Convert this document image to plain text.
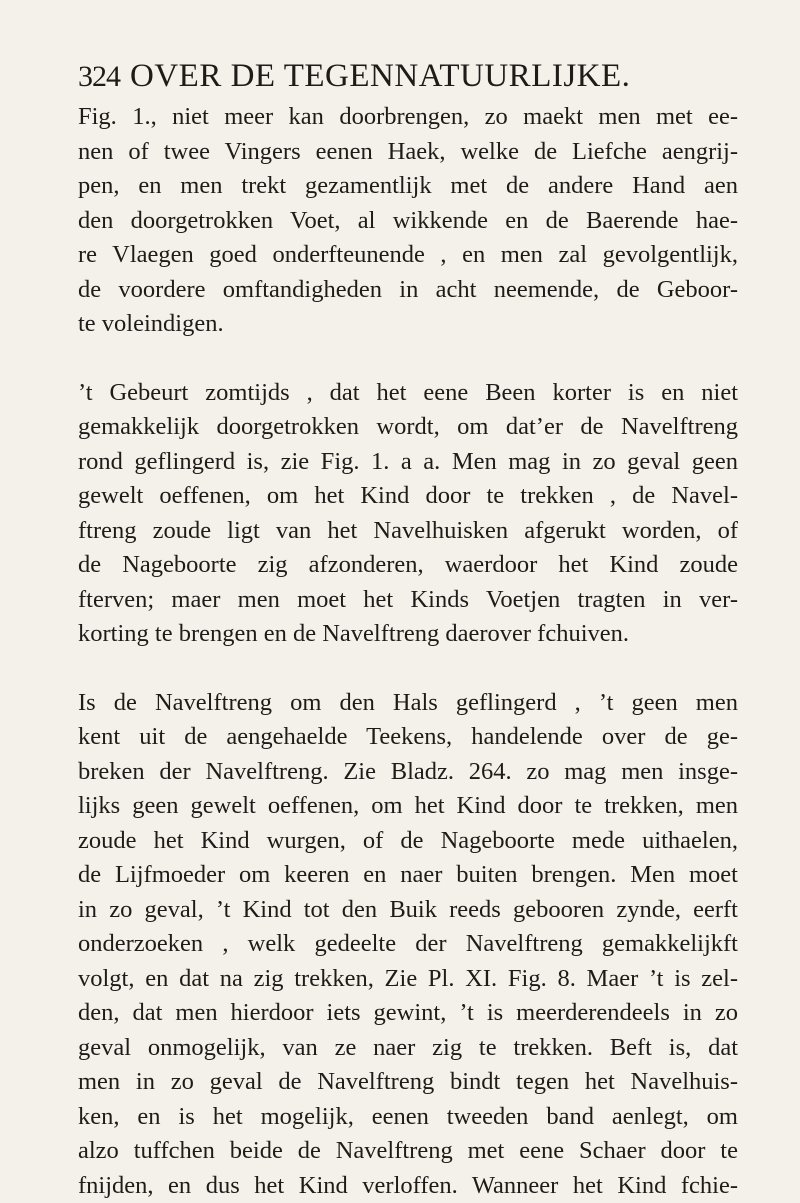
324 OVER DE TEGENNATUURLIJKE.

Fig. 1., niet meer kan doorbrengen, zo maekt men met ee-
nen of twee Vingers eenen Haek, welke de Liefche aengrij-
pen, en men trekt gezamentlijk met de andere Hand aen
den doorgetrokken Voet, al wikkende en de Baerende hae-
re Vlaegen goed onderfteunende , en men zal gevolgentlijk,
de voordere omftandigheden in acht neemende, de Geboor-
te voleindigen.

’t Gebeurt zomtijds , dat het eene Been korter is en niet
gemakkelijk doorgetrokken wordt, om dat’er de Navelftreng
rond geflingerd is, zie Fig. 1. a a. Men mag in zo geval geen
gewelt oeffenen, om het Kind door te trekken , de Navel-
ftreng zoude ligt van het Navelhuisken afgerukt worden, of
de Nageboorte zig afzonderen, waerdoor het Kind zoude
fterven; maer men moet het Kinds Voetjen tragten in ver-
korting te brengen en de Navelftreng daerover fchuiven.

Is de Navelftreng om den Hals geflingerd , ’t geen men
kent uit de aengehaelde Teekens, handelende over de ge-
breken der Navelftreng. Zie Bladz. 264. zo mag men insge-
lijks geen gewelt oeffenen, om het Kind door te trekken, men
zoude het Kind wurgen, of de Nageboorte mede uithaelen,
de Lijfmoeder om keeren en naer buiten brengen. Men moet
in zo geval, ’t Kind tot den Buik reeds gebooren zynde, eerft
onderzoeken , welk gedeelte der Navelftreng gemakkelijkft
volgt, en dat na zig trekken, Zie Pl. XI. Fig. 8. Maer ’t is zel-
den, dat men hierdoor iets gewint, ’t is meerderendeels in zo
geval onmogelijk, van ze naer zig te trekken. Beft is, dat
men in zo geval de Navelftreng bindt tegen het Navelhuis-
ken, en is het mogelijk, eenen tweeden band aenlegt, om
alzo tuffchen beide de Navelftreng met eene Schaer door te
fnijden, en dus het Kind verloffen. Wanneer het Kind fchie-
